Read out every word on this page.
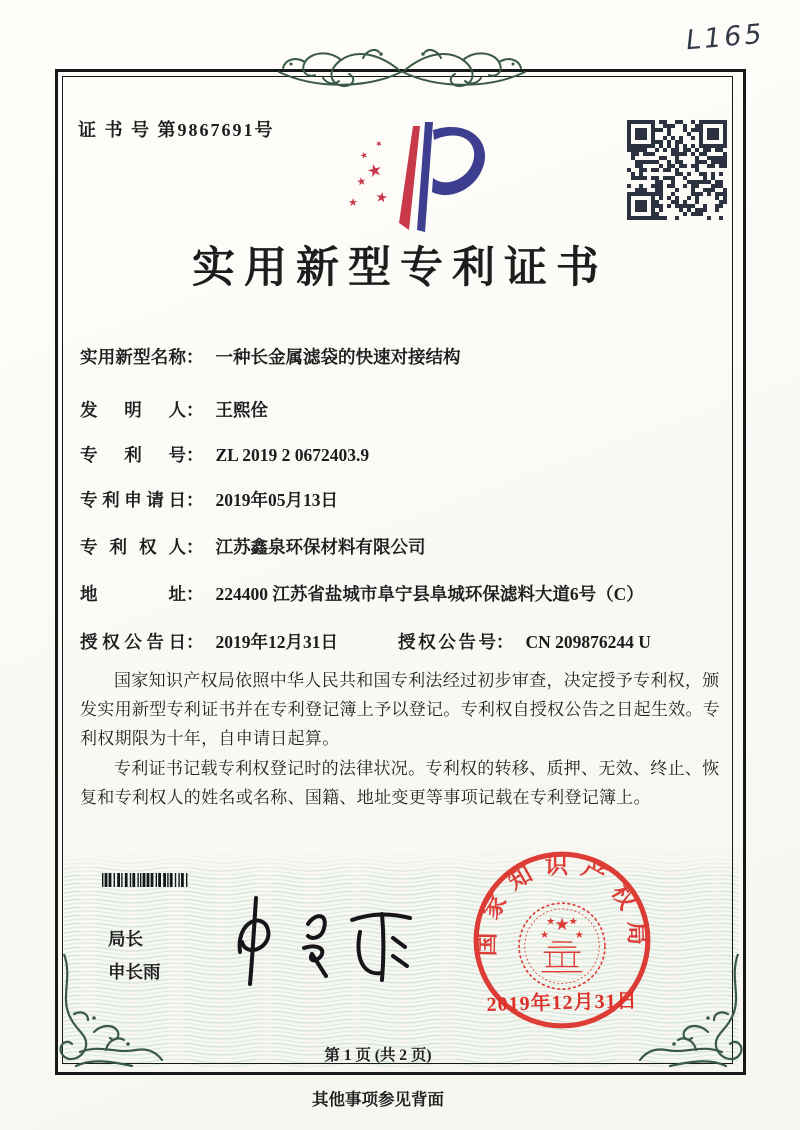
L165
证 书 号 第9867691号
★
★
★ ★
★
★
实用新型专利证书
实用新型名称： 一种长金属滤袋的快速对接结构
发明人： 王熙佺
专利号： ZL 2019 2 0672403.9
专利申请日： 2019年05月13日
专利权人： 江苏鑫泉环保材料有限公司
地址： 224400 江苏省盐城市阜宁县阜城环保滤料大道6号（C）
授权公告日： 2019年12月31日	授权公告号： CN 209876244 U

国家知识产权局依照中华人民共和国专利法经过初步审查，决定授予专利权，颁发实用新型专利证书并在专利登记簿上予以登记。专利权自授权公告之日起生效。专利权期限为十年，自申请日起算。

专利证书记载专利权登记时的法律状况。专利权的转移、质押、无效、终止、恢复和专利权人的姓名或名称、国籍、地址变更等事项记载在专利登记簿上。

局长
申长雨
国家知识产权局
★
★	★
★ ★
2019年12月31日
第 1 页 (共 2 页)
其他事项参见背面
